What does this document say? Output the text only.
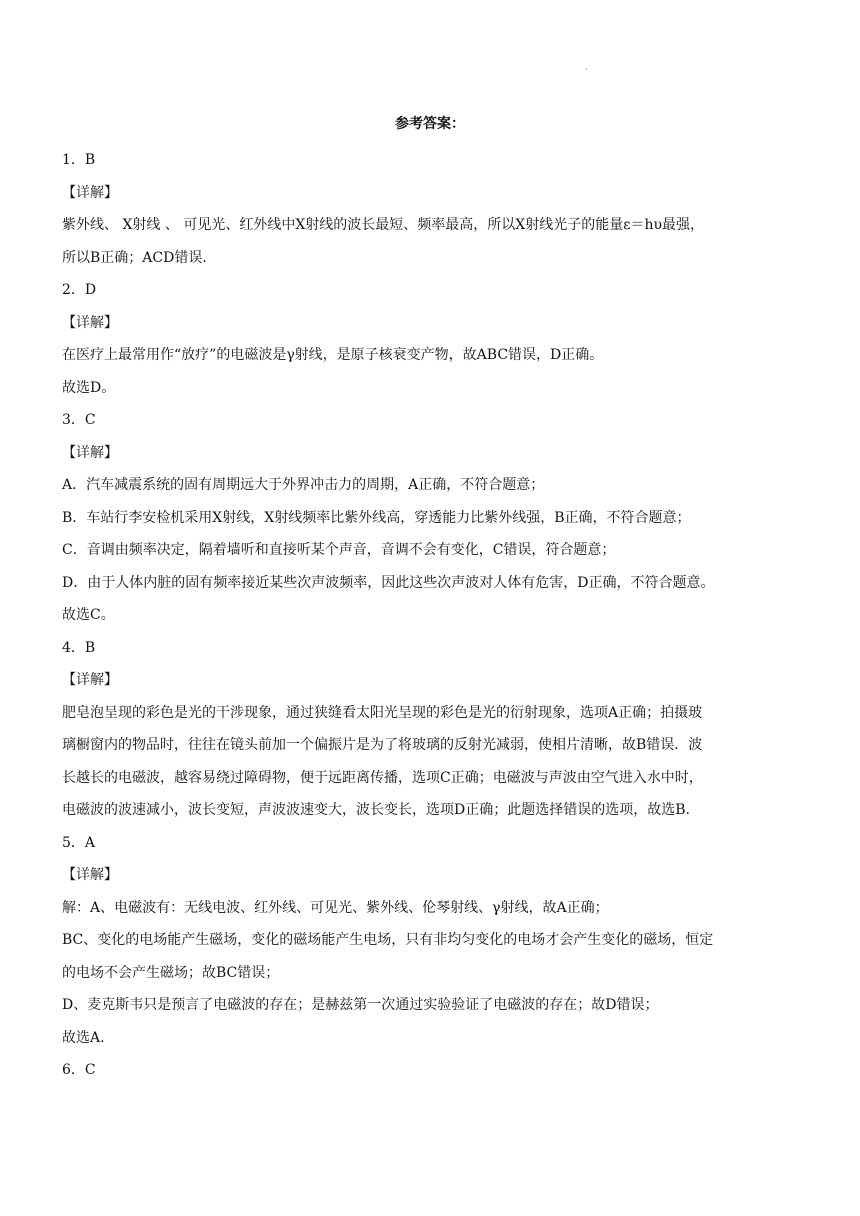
·
参考答案：
1．B
【详解】
紫外线、 X射线 、 可见光、红外线中X射线的波长最短、频率最高，所以X射线光子的能量ε＝hυ最强，
所以B正确；ACD错误．
2．D
【详解】
在医疗上最常用作“放疗”的电磁波是γ射线，是原子核衰变产物，故ABC错误，D正确。
故选D。
3．C
【详解】
A．汽车减震系统的固有周期远大于外界冲击力的周期，A正确，不符合题意；
B．车站行李安检机采用X射线，X射线频率比紫外线高，穿透能力比紫外线强，B正确，不符合题意；
C．音调由频率决定，隔着墙听和直接听某个声音，音调不会有变化，C错误，符合题意；
D．由于人体内脏的固有频率接近某些次声波频率，因此这些次声波对人体有危害，D正确，不符合题意。
故选C。
4．B
【详解】
肥皂泡呈现的彩色是光的干涉现象，通过狭缝看太阳光呈现的彩色是光的衍射现象，选项A正确；拍摄玻
璃橱窗内的物品时，往往在镜头前加一个偏振片是为了将玻璃的反射光减弱，使相片清晰，故B错误．波
长越长的电磁波，越容易绕过障碍物，便于远距离传播，选项C正确；电磁波与声波由空气进入水中时，
电磁波的波速减小，波长变短，声波波速变大，波长变长，选项D正确；此题选择错误的选项，故选B.
5．A
【详解】
解：A、电磁波有：无线电波、红外线、可见光、紫外线、伦琴射线、γ射线，故A正确；
BC、变化的电场能产生磁场，变化的磁场能产生电场，只有非均匀变化的电场才会产生变化的磁场，恒定
的电场不会产生磁场；故BC错误；
D、麦克斯韦只是预言了电磁波的存在；是赫兹第一次通过实验验证了电磁波的存在；故D错误；
故选A.
6．C
